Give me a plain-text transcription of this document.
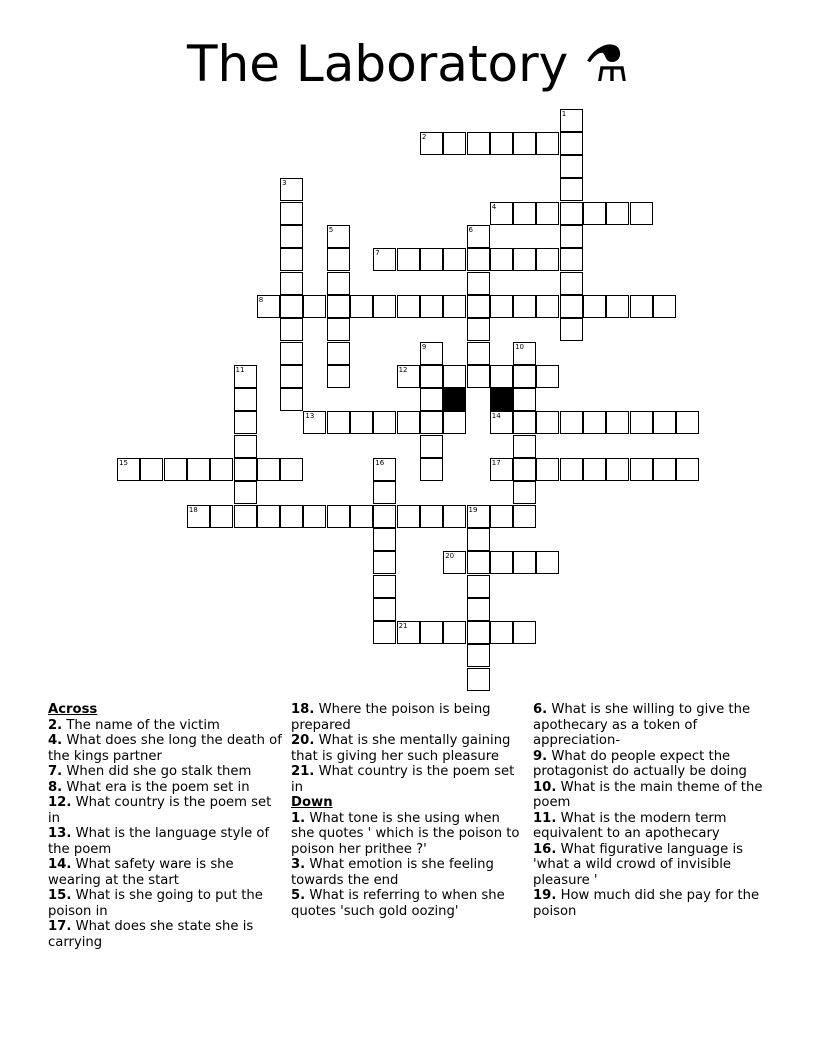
The Laboratory ⚗
1
2
3
4
5	6
7
8
9	10
11	12
13	14
15	16	17
18	19
20
21
Across
2. The name of the victim
4. What does she long the death of the kings partner
7. When did she go stalk them
8. What era is the poem set in
12. What country is the poem set in
13. What is the language style of the poem
14. What safety ware is she wearing at the start
15. What is she going to put the poison in
17. What does she state she is carrying
18. Where the poison is being prepared
20. What is she mentally gaining that is giving her such pleasure
21. What country is the poem set in
Down
1. What tone is she using when she quotes ' which is the poison to poison her prithee ?'
3. What emotion is she feeling towards the end
5. What is referring to when she quotes 'such gold oozing'
6. What is she willing to give the apothecary as a token of appreciation-
9. What do people expect the protagonist do actually be doing
10. What is the main theme of the poem
11. What is the modern term equivalent to an apothecary
16. What figurative language is 'what a wild crowd of invisible pleasure '
19. How much did she pay for the poison
